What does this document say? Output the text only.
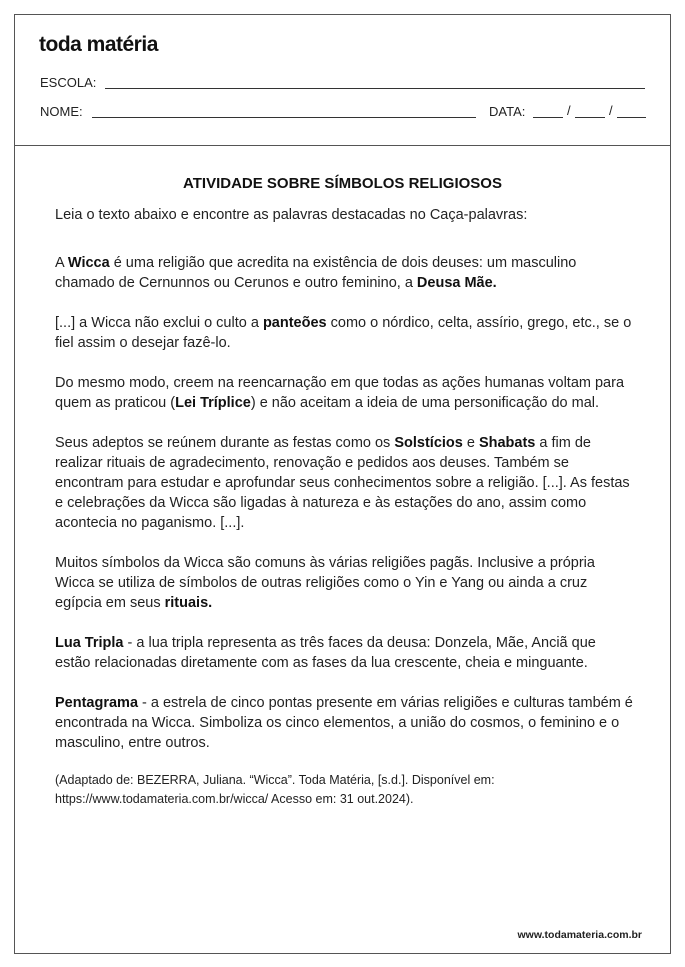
toda matéria
ESCOLA:
NOME:	DATA:	/	/
ATIVIDADE SOBRE SÍMBOLOS RELIGIOSOS
Leia o texto abaixo e encontre as palavras destacadas no Caça-palavras:

A Wicca é uma religião que acredita na existência de dois deuses: um masculino chamado de Cernunnos ou Cerunos e outro feminino, a Deusa Mãe.

[...] a Wicca não exclui o culto a panteões como o nórdico, celta, assírio, grego, etc., se o fiel assim o desejar fazê-lo.

Do mesmo modo, creem na reencarnação em que todas as ações humanas voltam para quem as praticou (Lei Tríplice) e não aceitam a ideia de uma personificação do mal.

Seus adeptos se reúnem durante as festas como os Solstícios e Shabats a fim de realizar rituais de agradecimento, renovação e pedidos aos deuses. Também se encontram para estudar e aprofundar seus conhecimentos sobre a religião. [...]. As festas e celebrações da Wicca são ligadas à natureza e às estações do ano, assim como acontecia no paganismo. [...].

Muitos símbolos da Wicca são comuns às várias religiões pagãs. Inclusive a própria Wicca se utiliza de símbolos de outras religiões como o Yin e Yang ou ainda a cruz egípcia em seus rituais.

Lua Tripla - a lua tripla representa as três faces da deusa: Donzela, Mãe, Anciã que estão relacionadas diretamente com as fases da lua crescente, cheia e minguante.

Pentagrama - a estrela de cinco pontas presente em várias religiões e culturas também é encontrada na Wicca. Simboliza os cinco elementos, a união do cosmos, o feminino e o masculino, entre outros.

(Adaptado de: BEZERRA, Juliana. “Wicca”. Toda Matéria, [s.d.]. Disponível em: https://www.todamateria.com.br/wicca/ Acesso em: 31 out.2024).

www.todamateria.com.br
